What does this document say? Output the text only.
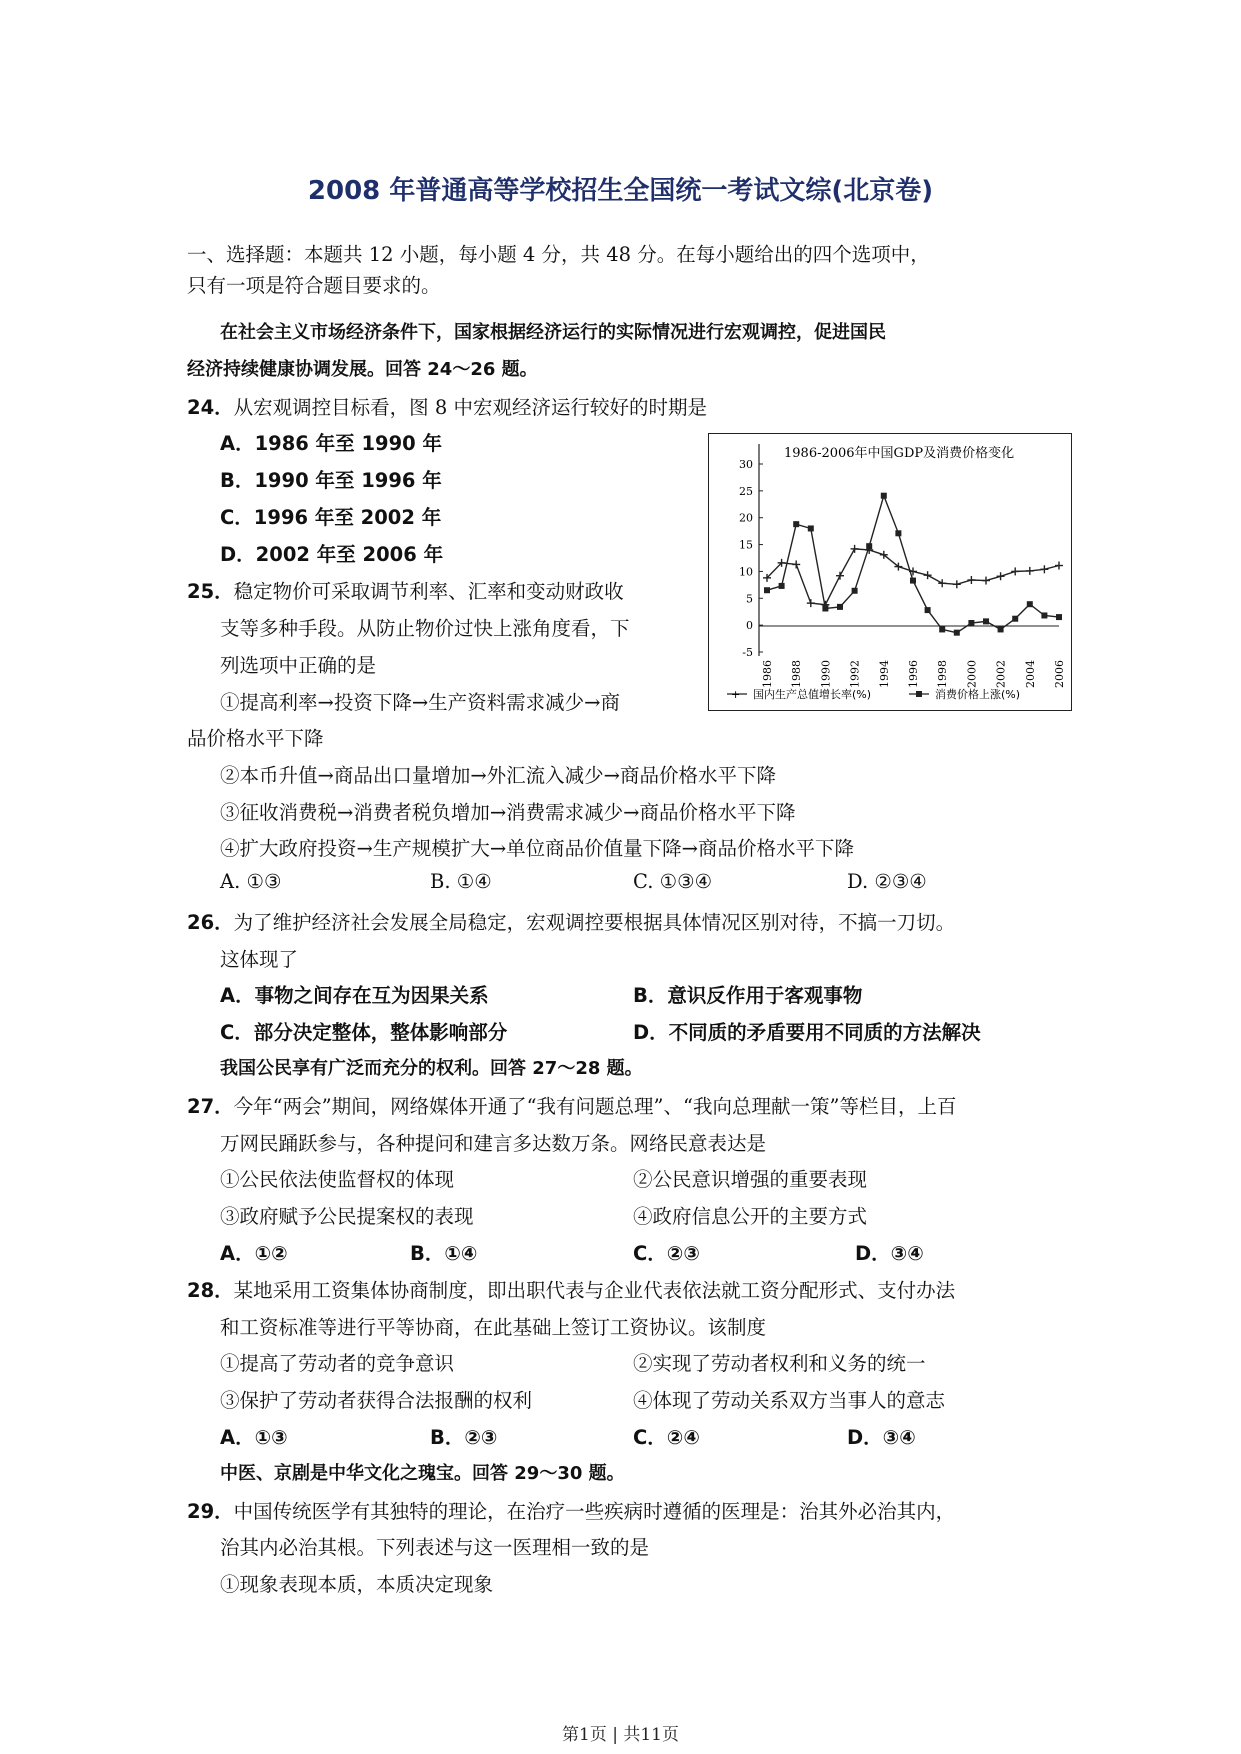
2008 年普通高等学校招生全国统一考试文综(北京卷)
一、选择题：本题共 12 小题，每小题 4 分，共 48 分。在每小题给出的四个选项中，
只有一项是符合题目要求的。
在社会主义市场经济条件下，国家根据经济运行的实际情况进行宏观调控，促进国民
经济持续健康协调发展。回答 24～26 题。
24．从宏观调控目标看，图 8 中宏观经济运行较好的时期是
A．1986 年至 1990 年
B．1990 年至 1996 年
C．1996 年至 2002 年
D．2002 年至 2006 年
-5
0
5
10
15
20
25
30
1986 1988 1990 1992 1994 1996 1998 2000 2002 2004 2006
1986-2006年中国GDP及消费价格变化
+ 国内生产总值增长率(%)	消费价格上涨(%)
25．稳定物价可采取调节利率、汇率和变动财政收
支等多种手段。从防止物价过快上涨角度看，下
列选项中正确的是
①提高利率→投资下降→生产资料需求减少→商
品价格水平下降
②本币升值→商品出口量增加→外汇流入减少→商品价格水平下降
③征收消费税→消费者税负增加→消费需求减少→商品价格水平下降
④扩大政府投资→生产规模扩大→单位商品价值量下降→商品价格水平下降
A. ①③	B. ①④	C. ①③④	D. ②③④
26．为了维护经济社会发展全局稳定，宏观调控要根据具体情况区别对待，不搞一刀切。
这体现了
A．事物之间存在互为因果关系	B．意识反作用于客观事物
C．部分决定整体，整体影响部分	D．不同质的矛盾要用不同质的方法解决
我国公民享有广泛而充分的权利。回答 27～28 题。
27．今年“两会”期间，网络媒体开通了“我有问题总理”、“我向总理献一策”等栏目，上百
万网民踊跃参与，各种提问和建言多达数万条。网络民意表达是
①公民依法使监督权的体现	②公民意识增强的重要表现
③政府赋予公民提案权的表现	④政府信息公开的主要方式
A．①②	B．①④	C．②③	D．③④
28．某地采用工资集体协商制度，即出职代表与企业代表依法就工资分配形式、支付办法
和工资标准等进行平等协商，在此基础上签订工资协议。该制度
①提高了劳动者的竞争意识	②实现了劳动者权利和义务的统一
③保护了劳动者获得合法报酬的权利	④体现了劳动关系双方当事人的意志
A．①③	B．②③	C．②④	D．③④
中医、京剧是中华文化之瑰宝。回答 29～30 题。
29．中国传统医学有其独特的理论，在治疗一些疾病时遵循的医理是：治其外必治其内，
治其内必治其根。下列表述与这一医理相一致的是
①现象表现本质，本质决定现象
第1页 | 共11页
